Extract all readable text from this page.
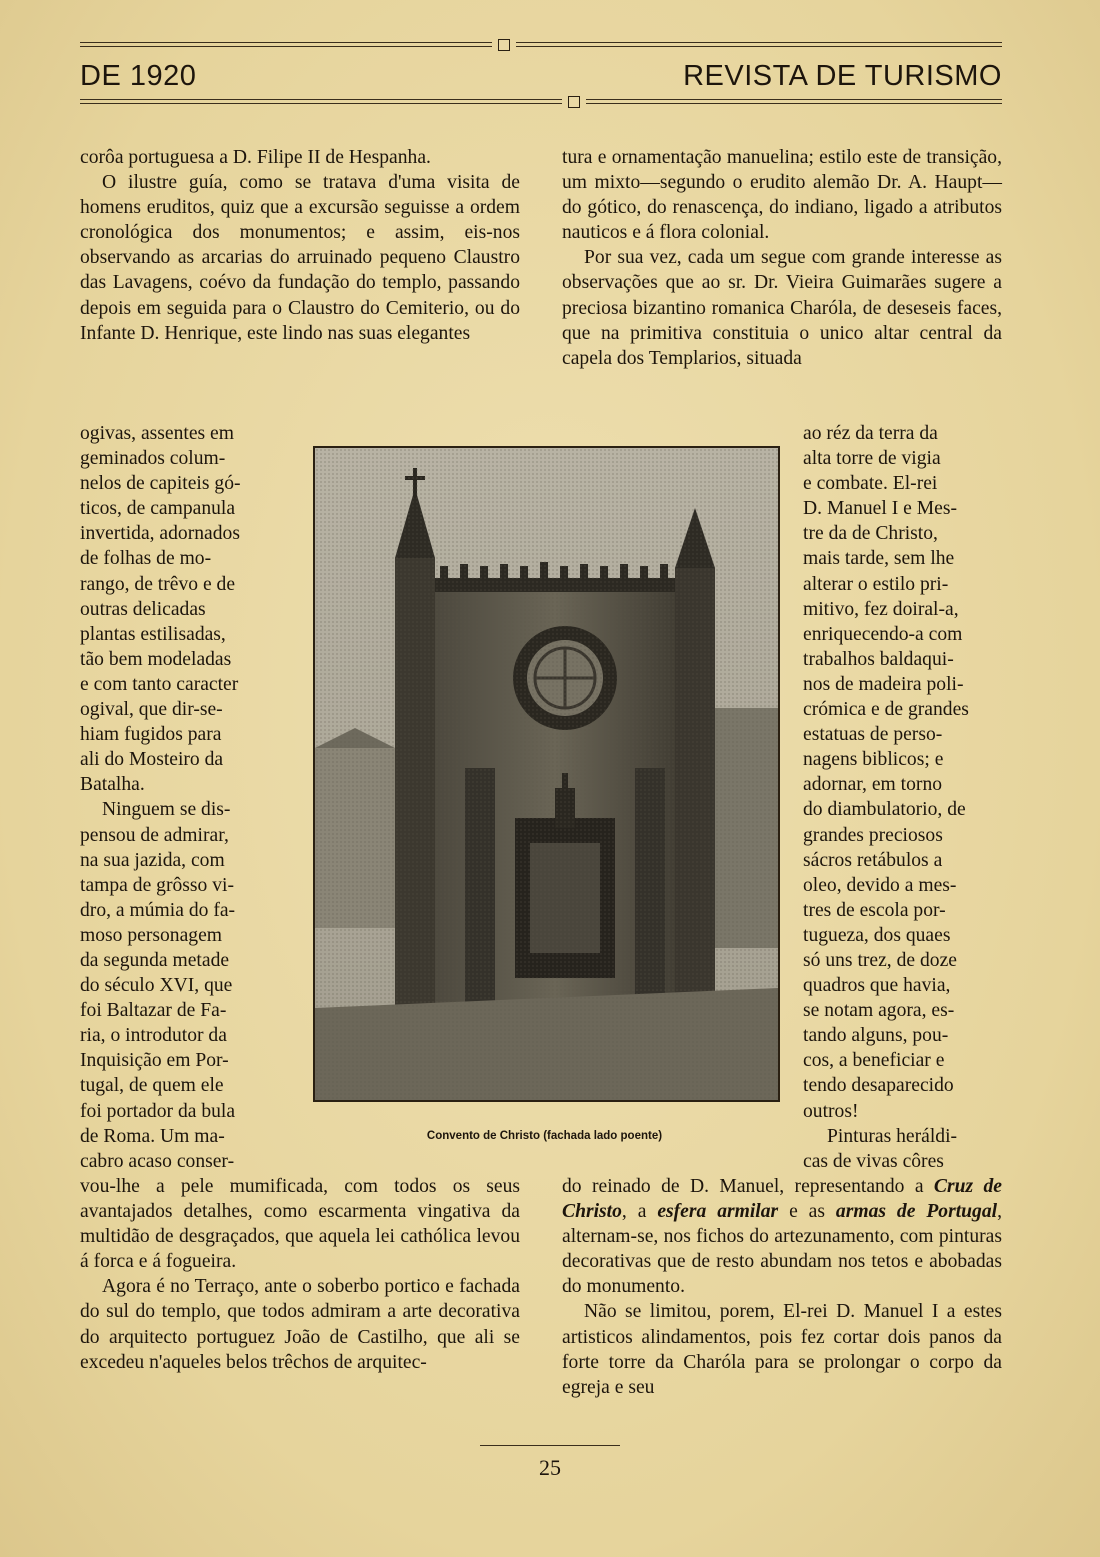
DE 1920	REVISTA DE TURISMO

corôa portuguesa a D. Filipe II de Hespanha.

O ilustre guía, como se tratava d'uma visita de homens eruditos, quiz que a excursão seguisse a ordem cronológica dos monumentos; e assim, eis-nos observando as arcarias do arruinado pequeno Claustro das Lavagens, coévo da fundação do templo, passando depois em seguida para o Claustro do Cemiterio, ou do Infante D. Henrique, este lindo nas suas elegantes

ogivas, assentes em
geminados colum-
nelos de capiteis gó-
ticos, de campanula
invertida, adornados
de folhas de mo-
rango, de trêvo e de
outras delicadas
plantas estilisadas,
tão bem modeladas
e com tanto caracter
ogival, que dir-se-
hiam fugidos para
ali do Mosteiro da
Batalha.
Ninguem se dis-
pensou de admirar,
na sua jazida, com
tampa de grôsso vi-
dro, a múmia do fa-
moso personagem
da segunda metade
do século XVI, que
foi Baltazar de Fa-
ria, o introdutor da
Inquisição em Por-
tugal, de quem ele
foi portador da bula
de Roma. Um ma-
cabro acaso conser-

vou-lhe a pele mumificada, com todos os seus avantajados detalhes, como escarmenta vingativa da multidão de desgraçados, que aquela lei cathólica levou á forca e á fogueira.

Agora é no Terraço, ante o soberbo portico e fachada do sul do templo, que todos admiram a arte decorativa do arquitecto portuguez João de Castilho, que ali se excedeu n'aqueles belos trêchos de arquitec-

tura e ornamentação manuelina; estilo este de transição, um mixto—segundo o erudito alemão Dr. A. Haupt—do gótico, do renascença, do indiano, ligado a atributos nauticos e á flora colonial.

Por sua vez, cada um segue com grande interesse as observações que ao sr. Dr. Vieira Guimarães sugere a preciosa bizantino romanica Charóla, de deseseis faces, que na primitiva constituia o unico altar central da capela dos Templarios, situada

ao réz da terra da
alta torre de vigia
e combate. El-rei
D. Manuel I e Mes-
tre da de Christo,
mais tarde, sem lhe
alterar o estilo pri-
mitivo, fez doiral-a,
enriquecendo-a com
trabalhos baldaqui-
nos de madeira poli-
crómica e de grandes
estatuas de perso-
nagens biblicos; e
adornar, em torno
do diambulatorio, de
grandes preciosos
sácros retábulos a
oleo, devido a mes-
tres de escola por-
tugueza, dos quaes
só uns trez, de doze
quadros que havia,
se notam agora, es-
tando alguns, pou-
cos, a beneficiar e
tendo desaparecido
outros!
Pinturas heráldi-
cas de vivas côres

do reinado de D. Manuel, representando a Cruz de Christo, a esfera armilar e as armas de Portugal, alternam-se, nos fichos do artezunamento, com pinturas decorativas que de resto abundam nos tetos e abobadas do monumento.

Não se limitou, porem, El-rei D. Manuel I a estes artisticos alindamentos, pois fez cortar dois panos da forte torre da Charóla para se prolongar o corpo da egreja e seu

Convento de Christo (fachada lado poente)
25
